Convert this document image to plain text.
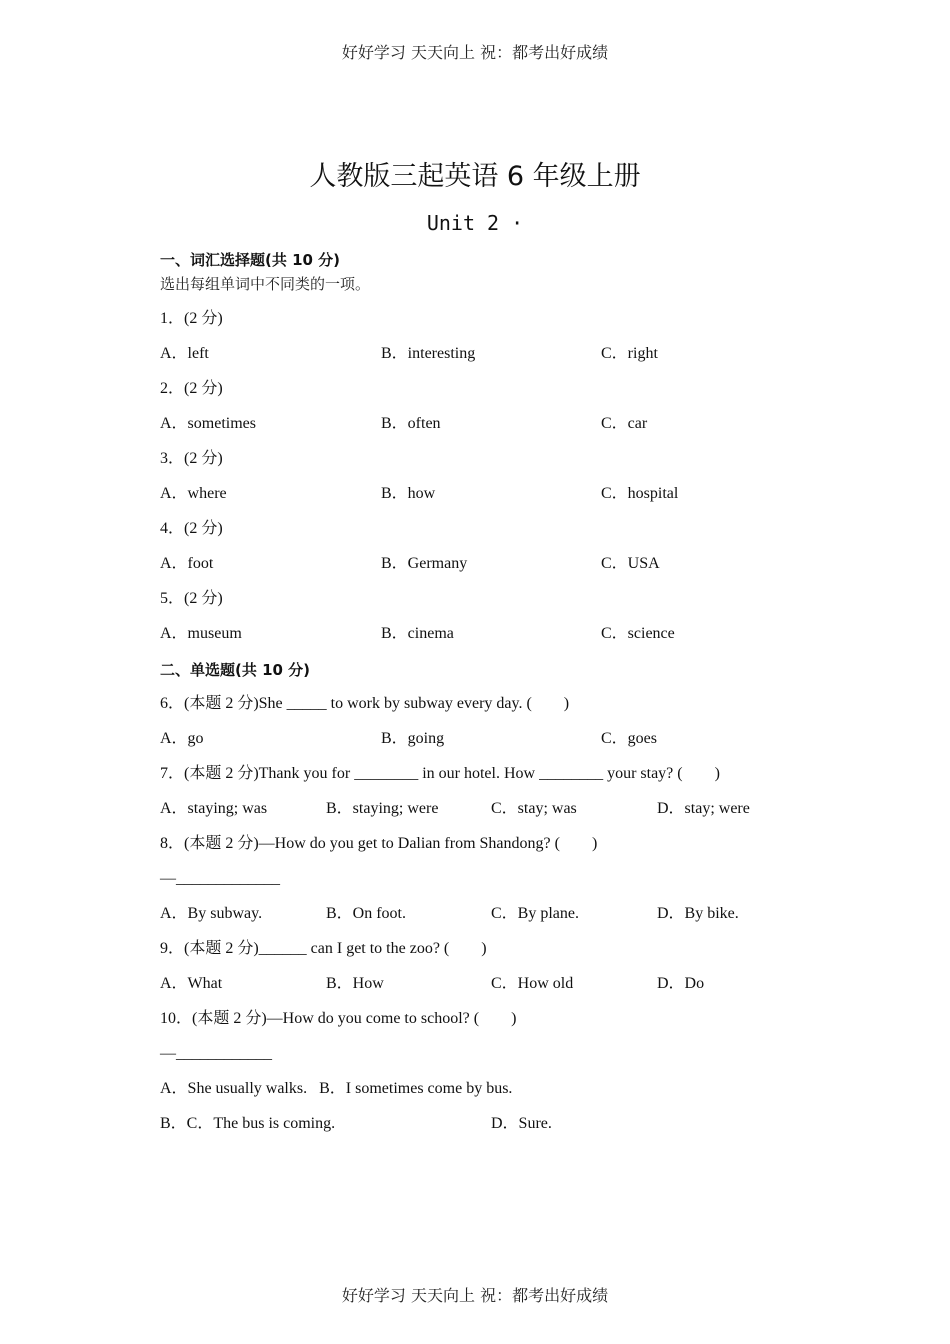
好好学习 天天向上 祝：都考出好成绩
人教版三起英语 6 年级上册
Unit 2 ·
一、词汇选择题(共 10 分)
选出每组单词中不同类的一项。
1．(2 分)
A．left	B．interesting	C．right
2．(2 分)
A．sometimes	B．often	C．car
3．(2 分)
A．where	B．how	C．hospital
4．(2 分)
A．foot	B．Germany	C．USA
5．(2 分)
A．museum	B．cinema	C．science
二、单选题(共 10 分)
6．(本题 2 分)She _____ to work by subway every day. (　　)
A．go	B．going	C．goes
7．(本题 2 分)Thank you for ________ in our hotel. How ________ your stay? (　　)
A．staying; was	B．staying; were	C．stay; was	D．stay; were
8．(本题 2 分)—How do you get to Dalian from Shandong? (　　)
—_____________
A．By subway.	B．On foot.	C．By plane.	D．By bike.
9．(本题 2 分)______ can I get to the zoo? (　　)
A．What	B．How	C．How old	D．Do
10．(本题 2 分)—How do you come to school? (　　)
—____________
A．She usually walks.   B．I sometimes come by bus.
B．C．The bus is coming.	D．Sure.
好好学习 天天向上 祝：都考出好成绩
